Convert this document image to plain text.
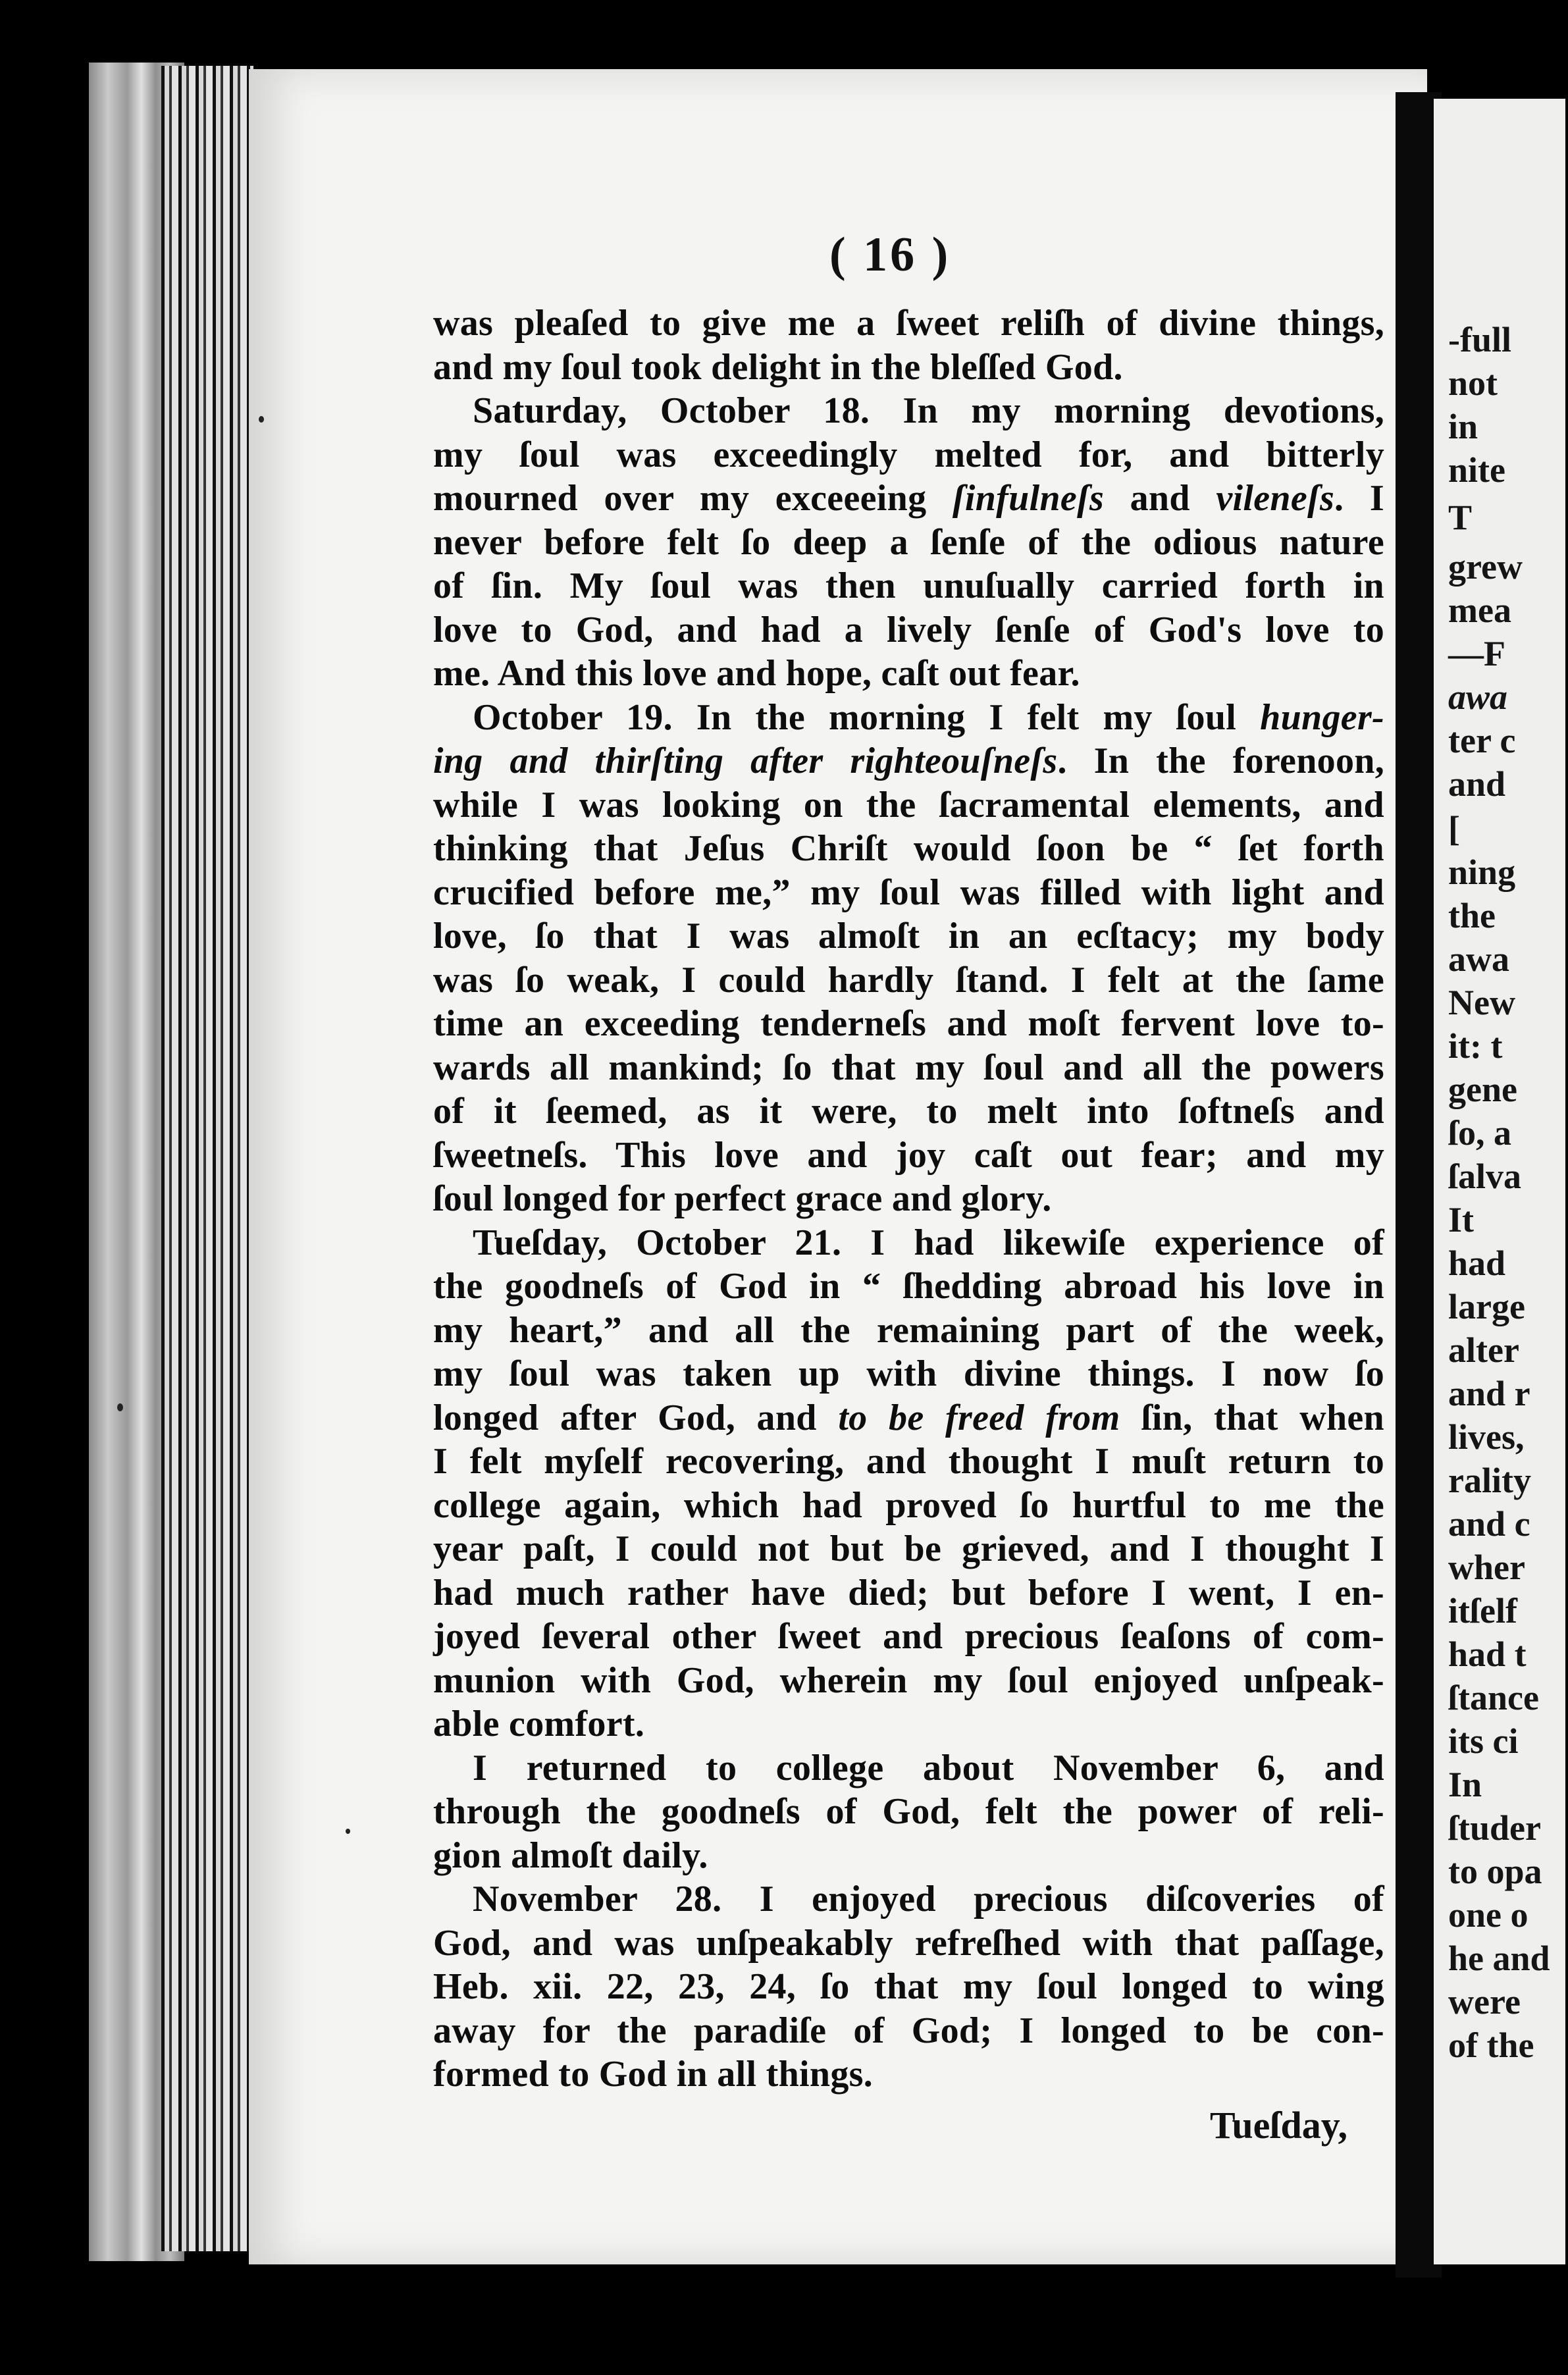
-full
not
in
nite
T
grew
mea
—F
awa
ter c
and
[
ning
the
awa
New
it: t
gene
ſo, a
ſalva
It
had
large
alter
and r
lives,
rality
and c
wher
itſelf
had t
ſtance
its ci
In
ſtuder
to opa
one o
he and
were
of the
( 16 )
was pleaſed to give me a ſweet reliſh of divine things,
and my ſoul took delight in the bleſſed God.
Saturday, October 18. In my morning devotions,
my ſoul was exceedingly melted for, and bitterly
mourned over my exceeeing ſinfulneſs and vileneſs. I
never before felt ſo deep a ſenſe of the odious nature
of ſin. My ſoul was then unuſually carried forth in
love to God, and had a lively ſenſe of God's love to
me. And this love and hope, caſt out fear.
October 19. In the morning I felt my ſoul hunger-
ing and thirſting after righteouſneſs. In the forenoon,
while I was looking on the ſacramental elements, and
thinking that Jeſus Chriſt would ſoon be “ ſet forth
crucified before me,” my ſoul was filled with light and
love, ſo that I was almoſt in an ecſtacy; my body
was ſo weak, I could hardly ſtand. I felt at the ſame
time an exceeding tenderneſs and moſt fervent love to-
wards all mankind; ſo that my ſoul and all the powers
of it ſeemed, as it were, to melt into ſoftneſs and
ſweetneſs. This love and joy caſt out fear; and my
ſoul longed for perfect grace and glory.
Tueſday, October 21. I had likewiſe experience of
the goodneſs of God in “ ſhedding abroad his love in
my heart,” and all the remaining part of the week,
my ſoul was taken up with divine things. I now ſo
longed after God, and to be freed from ſin, that when
I felt myſelf recovering, and thought I muſt return to
college again, which had proved ſo hurtful to me the
year paſt, I could not but be grieved, and I thought I
had much rather have died; but before I went, I en-
joyed ſeveral other ſweet and precious ſeaſons of com-
munion with God, wherein my ſoul enjoyed unſpeak-
able comfort.
I returned to college about November 6, and
through the goodneſs of God, felt the power of reli-
gion almoſt daily.
November 28. I enjoyed precious diſcoveries of
God, and was unſpeakably refreſhed with that paſſage,
Heb. xii. 22, 23, 24, ſo that my ſoul longed to wing
away for the paradiſe of God; I longed to be con-
formed to God in all things.
Tueſday,
